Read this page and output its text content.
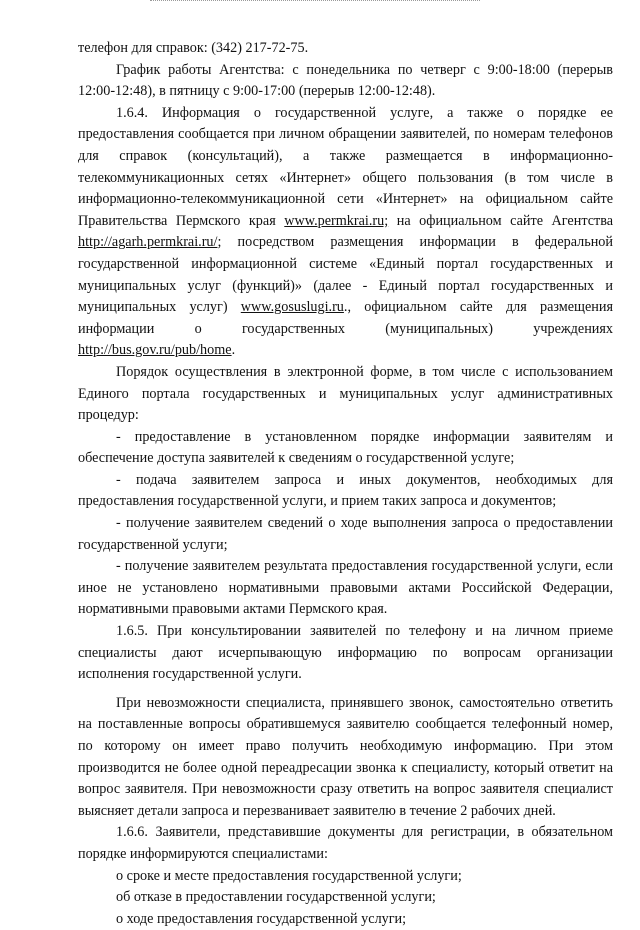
телефон для справок: (342) 217-72-75.

График работы Агентства: с понедельника по четверг с 9:00-18:00 (перерыв 12:00-12:48), в пятницу с 9:00-17:00 (перерыв 12:00-12:48).

1.6.4. Информация о государственной услуге, а также о порядке ее предоставления сообщается при личном обращении заявителей, по номерам телефонов для справок (консультаций), а также размещается в информационно-телекоммуникационных сетях «Интернет» общего пользования (в том числе в информационно-телекоммуникационной сети «Интернет» на официальном сайте Правительства Пермского края www.permkrai.ru; на официальном сайте Агентства http://agarh.permkrai.ru/; посредством размещения информации в федеральной государственной информационной системе «Единый портал государственных и муниципальных услуг (функций)» (далее - Единый портал государственных и муниципальных услуг) www.gosuslugi.ru., официальном сайте для размещения информации о государственных (муниципальных) учреждениях http://bus.gov.ru/pub/home.

Порядок осуществления в электронной форме, в том числе с использованием Единого портала государственных и муниципальных услуг административных процедур:

- предоставление в установленном порядке информации заявителям и обеспечение доступа заявителей к сведениям о государственной услуге;

- подача заявителем запроса и иных документов, необходимых для предоставления государственной услуги, и прием таких запроса и документов;

- получение заявителем сведений о ходе выполнения запроса о предоставлении государственной услуги;

- получение заявителем результата предоставления государственной услуги, если иное не установлено нормативными правовыми актами Российской Федерации, нормативными правовыми актами Пермского края.

1.6.5. При консультировании заявителей по телефону и на личном приеме специалисты дают исчерпывающую информацию по вопросам организации исполнения государственной услуги.

При невозможности специалиста, принявшего звонок, самостоятельно ответить на поставленные вопросы обратившемуся заявителю сообщается телефонный номер, по которому он имеет право получить необходимую информацию. При этом производится не более одной переадресации звонка к специалисту, который ответит на вопрос заявителя. При невозможности сразу ответить на вопрос заявителя специалист выясняет детали запроса и перезванивает заявителю в течение 2 рабочих дней.

1.6.6. Заявители, представившие документы для регистрации, в обязательном порядке информируются специалистами:

о сроке и месте предоставления государственной услуги;

об отказе в предоставлении государственной услуги;

о ходе предоставления государственной услуги;
